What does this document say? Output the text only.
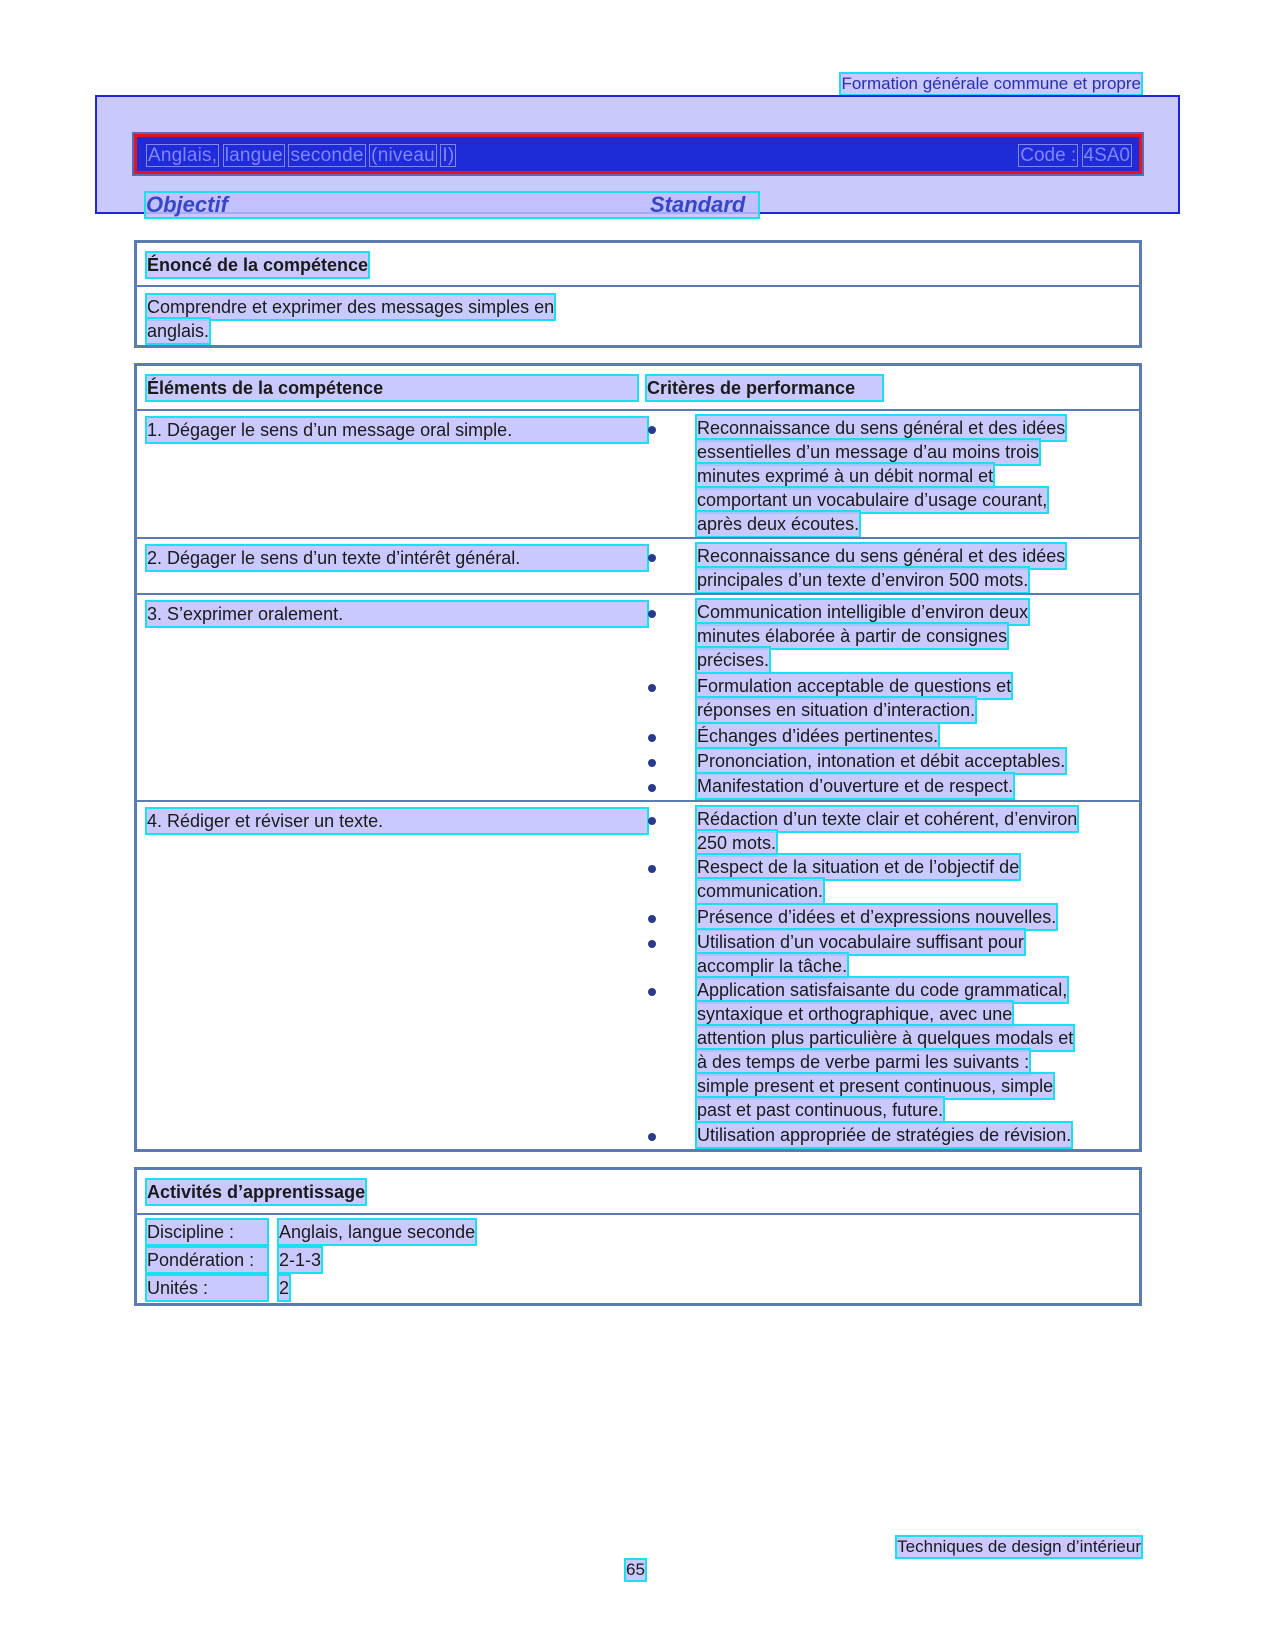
Formation générale commune et propre
Anglais, langue seconde (niveau I)	Code : 4SA0
Objectif	Standard
Énoncé de la compétence
Comprendre et exprimer des messages simples en
anglais.
Éléments de la compétence	Critères de performance
1. Dégager le sens d’un message oral simple.	Reconnaissance du sens général et des idées
essentielles d’un message d’au moins trois
minutes exprimé à un débit normal et
comportant un vocabulaire d’usage courant,
après deux écoutes.
2. Dégager le sens d’un texte d’intérêt général.	Reconnaissance du sens général et des idées
principales d’un texte d’environ 500 mots.
3. S’exprimer oralement.	Communication intelligible d’environ deux
minutes élaborée à partir de consignes
précises.
Formulation acceptable de questions et
réponses en situation d’interaction.
Échanges d’idées pertinentes.
Prononciation, intonation et débit acceptables.
Manifestation d’ouverture et de respect.
4. Rédiger et réviser un texte.	Rédaction d’un texte clair et cohérent, d’environ
250 mots.
Respect de la situation et de l’objectif de
communication.
Présence d’idées et d’expressions nouvelles.
Utilisation d’un vocabulaire suffisant pour
accomplir la tâche.
Application satisfaisante du code grammatical,
syntaxique et orthographique, avec une
attention plus particulière à quelques modals et
à des temps de verbe parmi les suivants :
simple present et present continuous, simple
past et past continuous, future.
Utilisation appropriée de stratégies de révision.
Activités d’apprentissage
Discipline :	Anglais, langue seconde
Pondération :	2-1-3
Unités :	2
Techniques de design d’intérieur
65
